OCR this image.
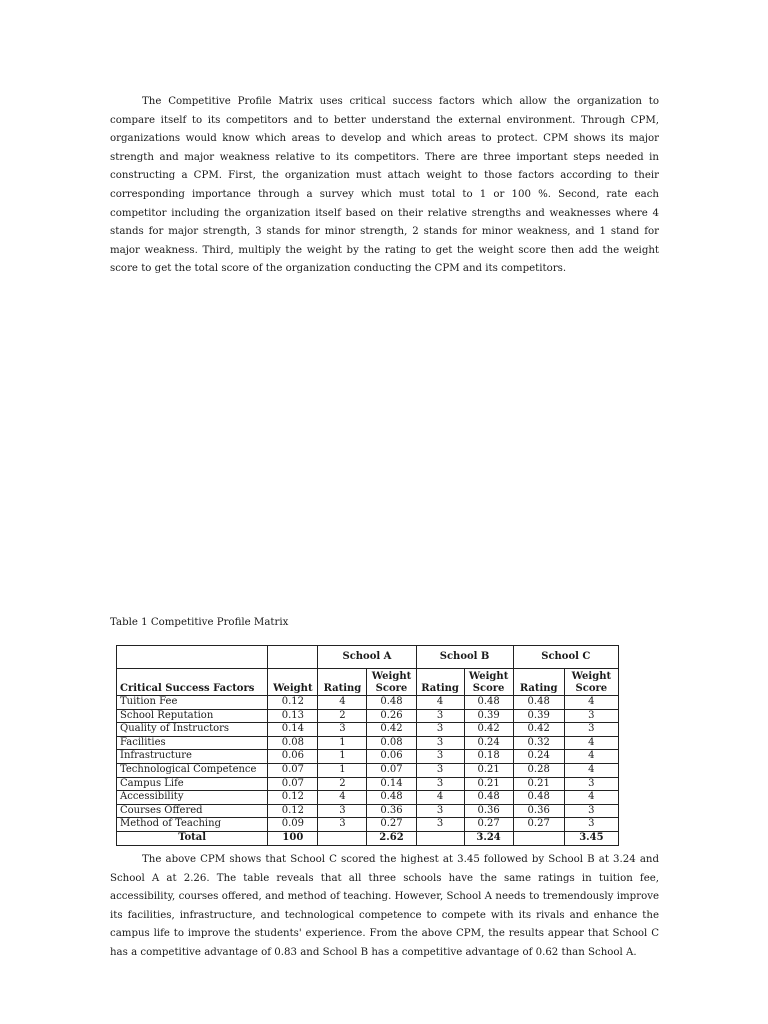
The Competitive Profile Matrix uses critical success factors which allow the organization to compare itself to its competitors and to better understand the external environment. Through CPM, organizations would know which areas to develop and which areas to protect. CPM shows its major strength and major weakness relative to its competitors. There are three important steps needed in constructing a CPM. First, the organization must attach weight to those factors according to their corresponding importance through a survey which must total to 1 or 100 %. Second, rate each competitor including the organization itself based on their relative strengths and weaknesses where 4 stands for major strength, 3 stands for minor strength, 2 stands for minor weakness, and 1 stand for major weakness. Third, multiply the weight by the rating to get the weight score then add the weight score to get the total score of the organization conducting the CPM and its competitors.

Table 1 Competitive Profile Matrix

		School A		School B		School C	
Critical Success Factors	Weight	Rating	Weight Score	Rating	Weight Score	Rating	Weight Score
Tuition Fee	0.12	4	0.48	4	0.48	0.48	4
School Reputation	0.13	2	0.26	3	0.39	0.39	3
Quality of Instructors	0.14	3	0.42	3	0.42	0.42	3
Facilities	0.08	1	0.08	3	0.24	0.32	4
Infrastructure	0.06	1	0.06	3	0.18	0.24	4
Technological Competence	0.07	1	0.07	3	0.21	0.28	4
Campus Life	0.07	2	0.14	3	0.21	0.21	3
Accessibility	0.12	4	0.48	4	0.48	0.48	4
Courses Offered	0.12	3	0.36	3	0.36	0.36	3
Method of Teaching	0.09	3	0.27	3	0.27	0.27	3
Total	100		2.62		3.24		3.45

The above CPM shows that School C scored the highest at 3.45 followed by School B at 3.24 and School A at 2.26. The table reveals that all three schools have the same ratings in tuition fee, accessibility, courses offered, and method of teaching. However, School A needs to tremendously improve its facilities, infrastructure, and technological competence to compete with its rivals and enhance the campus life to improve the students' experience. From the above CPM, the results appear that School C has a competitive advantage of 0.83 and School B has a competitive advantage of 0.62 than School A.
